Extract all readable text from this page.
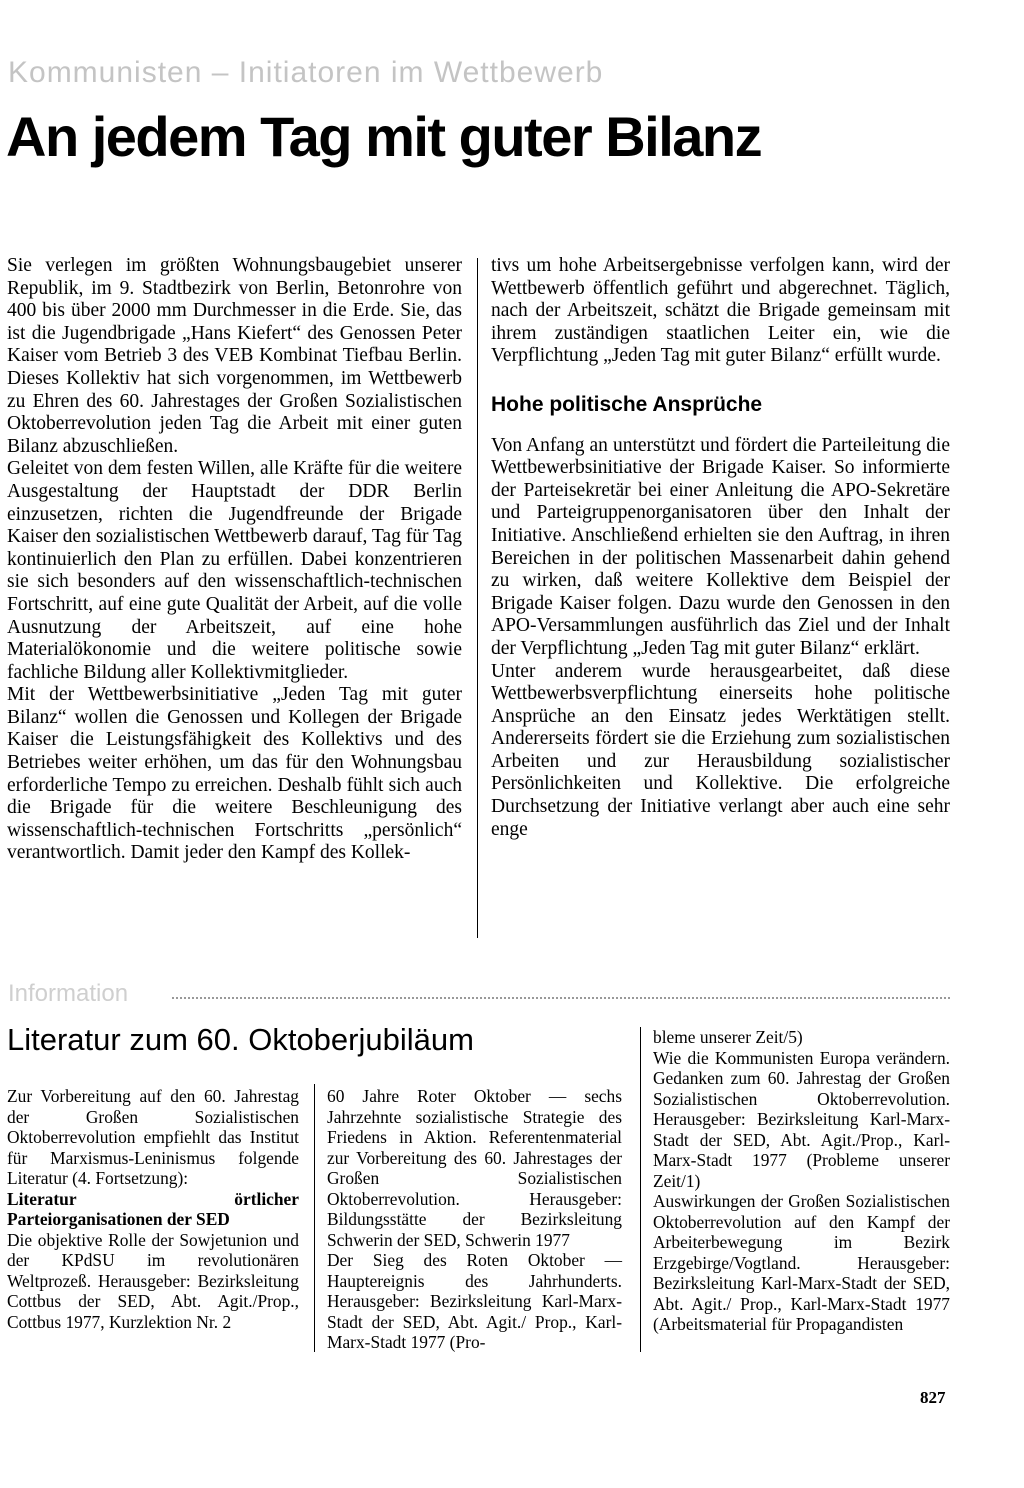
Kommunisten – Initiatoren im Wettbewerb
An jedem Tag mit guter Bilanz

Sie verlegen im größten Wohnungsbaugebiet unserer Republik, im 9. Stadtbezirk von Berlin, Betonrohre von 400 bis über 2000 mm Durchmesser in die Erde. Sie, das ist die Jugendbrigade „Hans Kiefert“ des Genossen Peter Kaiser vom Betrieb 3 des VEB Kombinat Tiefbau Berlin. Dieses Kollektiv hat sich vorgenommen, im Wettbewerb zu Ehren des 60. Jahrestages der Großen Sozialistischen Oktoberrevolution jeden Tag die Arbeit mit einer guten Bilanz abzuschließen.

Geleitet von dem festen Willen, alle Kräfte für die weitere Ausgestaltung der Hauptstadt der DDR Berlin einzusetzen, richten die Jugendfreunde der Brigade Kaiser den sozialistischen Wettbewerb darauf, Tag für Tag kontinuierlich den Plan zu erfüllen. Dabei konzentrieren sie sich besonders auf den wissenschaftlich-technischen Fortschritt, auf eine gute Qualität der Arbeit, auf die volle Ausnutzung der Arbeitszeit, auf eine hohe Materialökonomie und die weitere politische sowie fachliche Bildung aller Kollektivmitglieder.

Mit der Wettbewerbsinitiative „Jeden Tag mit guter Bilanz“ wollen die Genossen und Kollegen der Brigade Kaiser die Leistungsfähigkeit des Kollektivs und des Betriebes weiter erhöhen, um das für den Wohnungsbau erforderliche Tempo zu erreichen. Deshalb fühlt sich auch die Brigade für die weitere Beschleunigung des wissenschaftlich-technischen Fortschritts „persönlich“ verantwortlich. Damit jeder den Kampf des Kollek-

tivs um hohe Arbeitsergebnisse verfolgen kann, wird der Wettbewerb öffentlich geführt und abgerechnet. Täglich, nach der Arbeitszeit, schätzt die Brigade gemeinsam mit ihrem zuständigen staatlichen Leiter ein, wie die Verpflichtung „Jeden Tag mit guter Bilanz“ erfüllt wurde.

Hohe politische Ansprüche

Von Anfang an unterstützt und fördert die Parteileitung die Wettbewerbsinitiative der Brigade Kaiser. So informierte der Parteisekretär bei einer Anleitung die APO-Sekretäre und Parteigruppenorganisatoren über den Inhalt der Initiative. Anschließend erhielten sie den Auftrag, in ihren Bereichen in der politischen Massenarbeit dahin gehend zu wirken, daß weitere Kollektive dem Beispiel der Brigade Kaiser folgen. Dazu wurde den Genossen in den APO-Versammlungen ausführlich das Ziel und der Inhalt der Verpflichtung „Jeden Tag mit guter Bilanz“ erklärt.

Unter anderem wurde herausgearbeitet, daß diese Wettbewerbsverpflichtung einerseits hohe politische Ansprüche an den Einsatz jedes Werktätigen stellt. Andererseits fördert sie die Erziehung zum sozialistischen Arbeiten und zur Herausbildung sozialistischer Persönlichkeiten und Kollektive. Die erfolgreiche Durchsetzung der Initiative verlangt aber auch eine sehr enge

Information
Literatur zum 60. Oktoberjubiläum

Zur Vorbereitung auf den 60. Jahrestag der Großen Sozialistischen Oktoberrevolution empfiehlt das Institut für Marxismus-Leninismus folgende Literatur (4. Fortsetzung):

Literatur örtlicher Parteiorganisationen der SED

Die objektive Rolle der Sowjetunion und der KPdSU im revolutionären Weltprozeß. Herausgeber: Bezirksleitung Cottbus der SED, Abt. Agit./Prop., Cottbus 1977, Kurzlektion Nr. 2

60 Jahre Roter Oktober — sechs Jahrzehnte sozialistische Strategie des Friedens in Aktion. Referentenmaterial zur Vorbereitung des 60. Jahrestages der Großen Sozialistischen Oktoberrevolution. Herausgeber: Bildungsstätte der Bezirksleitung Schwerin der SED, Schwerin 1977

Der Sieg des Roten Oktober — Hauptereignis des Jahrhunderts. Herausgeber: Bezirksleitung Karl-Marx-Stadt der SED, Abt. Agit./ Prop., Karl-Marx-Stadt 1977 (Pro-

bleme unserer Zeit/5)

Wie die Kommunisten Europa verändern. Gedanken zum 60. Jahrestag der Großen Sozialistischen Oktoberrevolution. Herausgeber: Bezirksleitung Karl-Marx-Stadt der SED, Abt. Agit./Prop., Karl-Marx-Stadt 1977 (Probleme unserer Zeit/1)

Auswirkungen der Großen Sozialistischen Oktoberrevolution auf den Kampf der Arbeiterbewegung im Bezirk Erzgebirge/Vogtland. Herausgeber: Bezirksleitung Karl-Marx-Stadt der SED, Abt. Agit./ Prop., Karl-Marx-Stadt 1977 (Arbeitsmaterial für Propagandisten

827
